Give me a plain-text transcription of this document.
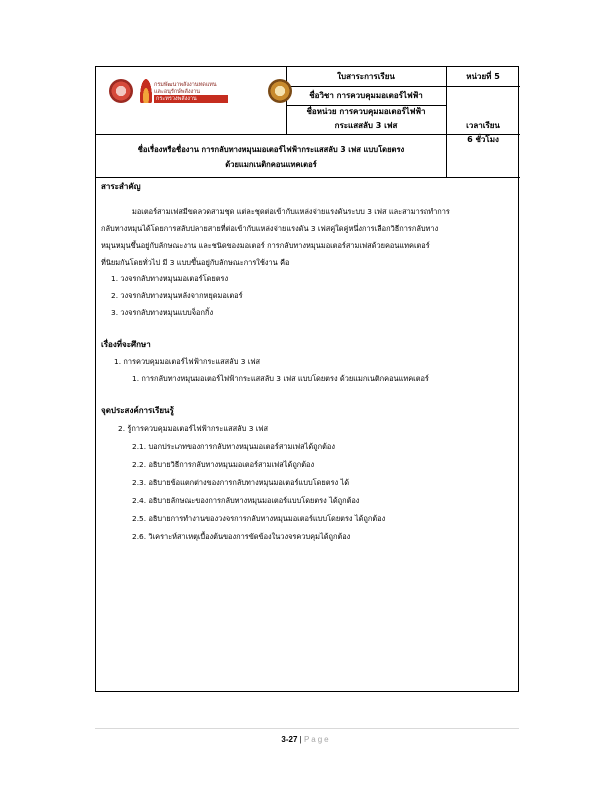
กรมพัฒนาพลังงานทดแทน
และอนุรักษ์พลังงาน
กระทรวงพลังงาน
ใบสาระการเรียน	หน่วยที่ 5
ชื่อวิชา การควบคุมมอเตอร์ไฟฟ้า
ชื่อหน่วย การควบคุมมอเตอร์ไฟฟ้า
กระแสสลับ 3 เฟส	เวลาเรียน
6 ชั่วโมง
ชื่อเรื่องหรือชื่องาน การกลับทางหมุนมอเตอร์ไฟฟ้ากระแสสลับ 3 เฟส แบบโดยตรง
ด้วยแมกเนติกคอนแทคเตอร์
สาระสำคัญ
มอเตอร์สามเฟสมีขดลวดสามชุด แต่ละชุดต่อเข้ากับแหล่งจ่ายแรงดันระบบ 3 เฟส และสามารถทำการ
กลับทางหมุนได้โดยการสลับปลายสายที่ต่อเข้ากับแหล่งจ่ายแรงดัน 3 เฟสคู่ใดคู่หนึ่งการเลือกวิธีการกลับทาง
หมุนหมุนขึ้นอยู่กับลักษณะงาน และชนิดของมอเตอร์ การกลับทางหมุนมอเตอร์สามเฟสด้วยคอนแทคเตอร์
ที่นิยมกันโดยทั่วไป มี 3 แบบขึ้นอยู่กับลักษณะการใช้งาน คือ
1. วงจรกลับทางหมุนมอเตอร์โดยตรง
2. วงจรกลับทางหมุนหลังจากหยุดมอเตอร์
3. วงจรกลับทางหมุนแบบจ็อกกิ้ง
เรื่องที่จะศึกษา
1. การควบคุมมอเตอร์ไฟฟ้ากระแสสลับ 3 เฟส
1. การกลับทางหมุนมอเตอร์ไฟฟ้ากระแสสลับ 3 เฟส แบบโดยตรง ด้วยแมกเนติกคอนแทคเตอร์
จุดประสงค์การเรียนรู้
2. รู้การควบคุมมอเตอร์ไฟฟ้ากระแสสลับ 3 เฟส
2.1. บอกประเภทของการกลับทางหมุนมอเตอร์สามเฟสได้ถูกต้อง
2.2. อธิบายวิธีการกลับทางหมุนมอเตอร์สามเฟสได้ถูกต้อง
2.3. อธิบายข้อแตกต่างของการกลับทางหมุนมอเตอร์แบบโดยตรง ได้
2.4. อธิบายลักษณะของการกลับทางหมุนมอเตอร์แบบโดยตรง ได้ถูกต้อง
2.5. อธิบายการทำงานของวงจรการกลับทางหมุนมอเตอร์แบบโดยตรง ได้ถูกต้อง
2.6. วิเคราะห์สาเหตุเบื้องต้นของการขัดข้องในวงจรควบคุมได้ถูกต้อง
3-27 | Page
